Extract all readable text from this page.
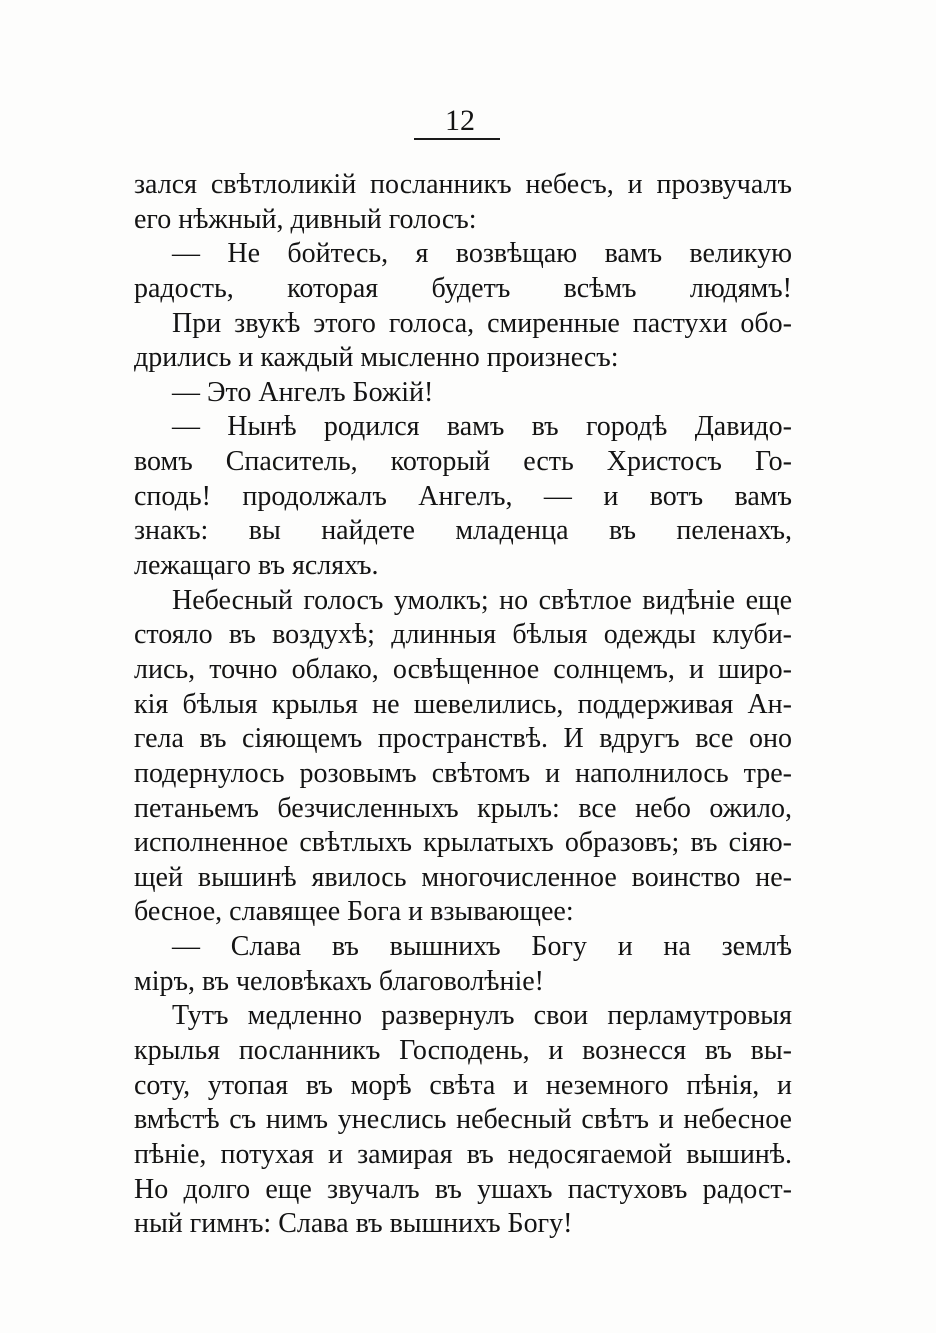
12
зался свѣтлоликій посланникъ небесъ, и прозвучалъ
его нѣжный, дивный голосъ:
— Не бойтесь, я возвѣщаю вамъ великую
радость, которая будетъ всѣмъ людямъ!
При звукѣ этого голоса, смиренные пастухи обо-
дрились и каждый мысленно произнесъ:
— Это Ангелъ Божій!
— Нынѣ родился вамъ въ городѣ Давидо-
вомъ Спаситель, который есть Христосъ Го-
сподь! продолжалъ Ангелъ, — и вотъ вамъ
знакъ: вы найдете младенца въ пеленахъ,
лежащаго въ ясляхъ.
Небесный голосъ умолкъ; но свѣтлое видѣніе еще
стояло въ воздухѣ; длинныя бѣлыя одежды клуби-
лись, точно облако, освѣщенное солнцемъ, и широ-
кія бѣлыя крылья не шевелились, поддерживая Ан-
гела въ сіяющемъ пространствѣ. И вдругъ все оно
подернулось розовымъ свѣтомъ и наполнилось тре-
петаньемъ безчисленныхъ крылъ: все небо ожило,
исполненное свѣтлыхъ крылатыхъ образовъ; въ сіяю-
щей вышинѣ явилось многочисленное воинство не-
бесное, славящее Бога и взывающее:
— Слава въ вышнихъ Богу и на землѣ
міръ, въ человѣкахъ благоволѣніе!
Тутъ медленно развернулъ свои перламутровыя
крылья посланникъ Господень, и вознесся въ вы-
соту, утопая въ морѣ свѣта и неземного пѣнія, и
вмѣстѣ съ нимъ унеслись небесный свѣтъ и небесное
пѣніе, потухая и замирая въ недосягаемой вышинѣ.
Но долго еще звучалъ въ ушахъ пастуховъ радост-
ный гимнъ: Слава въ вышнихъ Богу!
